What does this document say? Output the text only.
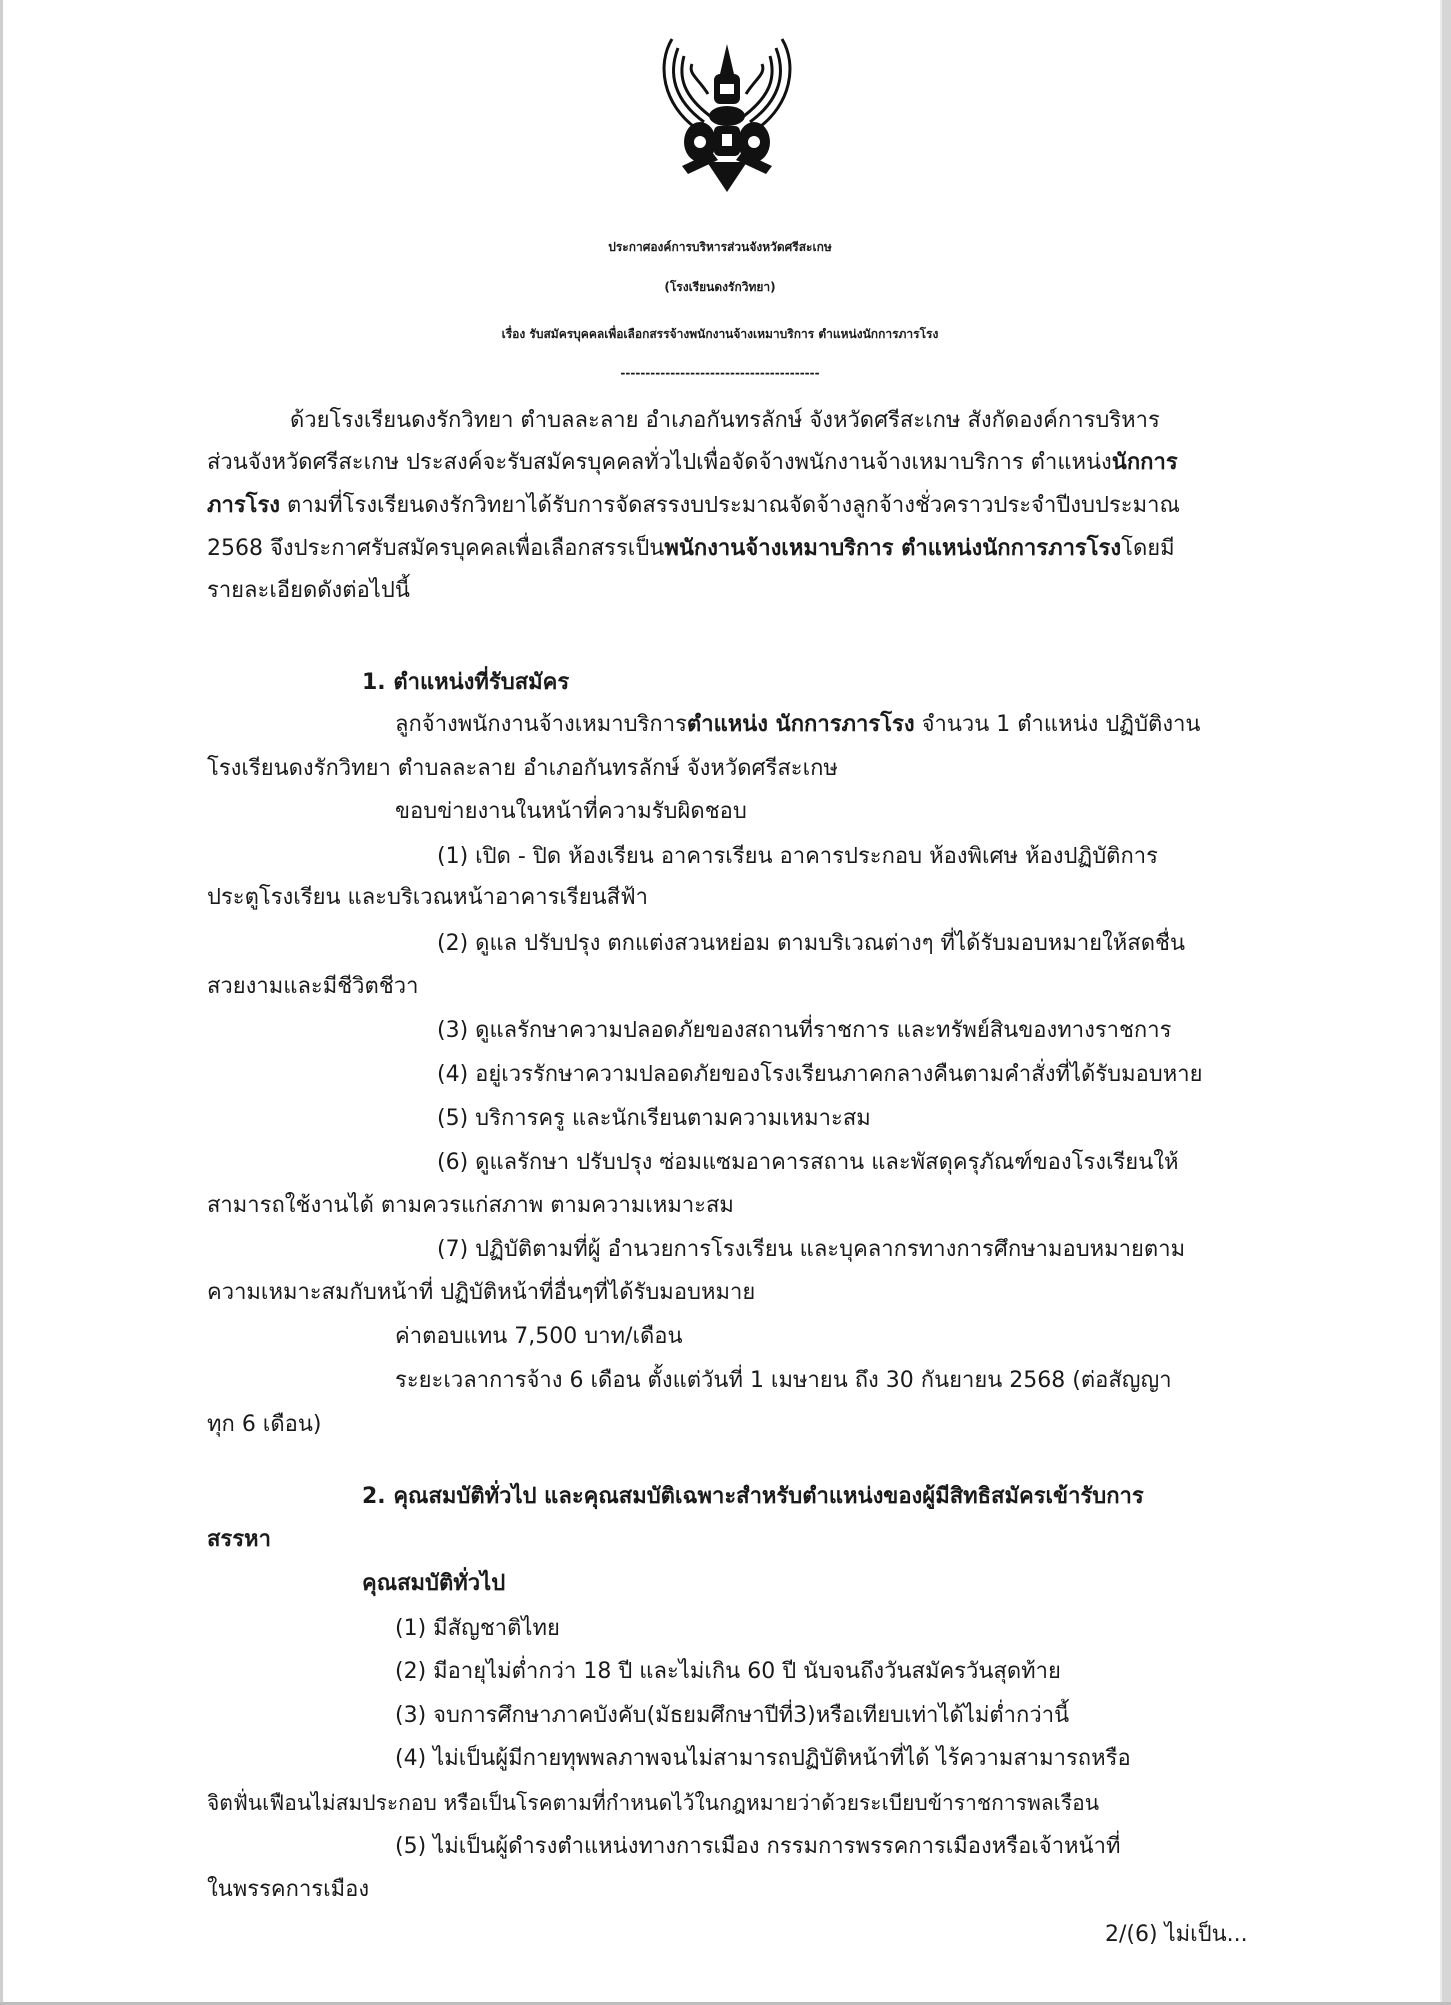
ประกาศองค์การบริหารส่วนจังหวัดศรีสะเกษ
(โรงเรียนดงรักวิทยา)
เรื่อง รับสมัครบุคคลเพื่อเลือกสรรจ้างพนักงานจ้างเหมาบริการ ตำแหน่งนักการภารโรง
----------------------------------------
ด้วยโรงเรียนดงรักวิทยา ตำบลละลาย อำเภอกันทรลักษ์ จังหวัดศรีสะเกษ สังกัดองค์การบริหาร
ส่วนจังหวัดศรีสะเกษ ประสงค์จะรับสมัครบุคคลทั่วไปเพื่อจัดจ้างพนักงานจ้างเหมาบริการ ตำแหน่งนักการ
ภารโรง ตามที่โรงเรียนดงรักวิทยาได้รับการจัดสรรงบประมาณจัดจ้างลูกจ้างชั่วคราวประจำปีงบประมาณ
2568 จึงประกาศรับสมัครบุคคลเพื่อเลือกสรรเป็นพนักงานจ้างเหมาบริการ ตำแหน่งนักการภารโรงโดยมี
รายละเอียดดังต่อไปนี้
1. ตำแหน่งที่รับสมัคร
ลูกจ้างพนักงานจ้างเหมาบริการตำแหน่ง นักการภารโรง จำนวน 1 ตำแหน่ง ปฏิบัติงาน
โรงเรียนดงรักวิทยา ตำบลละลาย อำเภอกันทรลักษ์ จังหวัดศรีสะเกษ
ขอบข่ายงานในหน้าที่ความรับผิดชอบ
(1) เปิด - ปิด ห้องเรียน อาคารเรียน อาคารประกอบ ห้องพิเศษ ห้องปฏิบัติการ
ประตูโรงเรียน และบริเวณหน้าอาคารเรียนสีฟ้า
(2) ดูแล ปรับปรุง ตกแต่งสวนหย่อม ตามบริเวณต่างๆ ที่ได้รับมอบหมายให้สดชื่น
สวยงามและมีชีวิตชีวา
(3) ดูแลรักษาความปลอดภัยของสถานที่ราชการ และทรัพย์สินของทางราชการ
(4) อยู่เวรรักษาความปลอดภัยของโรงเรียนภาคกลางคืนตามคำสั่งที่ได้รับมอบหาย
(5) บริการครู และนักเรียนตามความเหมาะสม
(6) ดูแลรักษา ปรับปรุง ซ่อมแซมอาคารสถาน และพัสดุครุภัณฑ์ของโรงเรียนให้
สามารถใช้งานได้ ตามควรแก่สภาพ ตามความเหมาะสม
(7) ปฏิบัติตามที่ผู้ อำนวยการโรงเรียน และบุคลากรทางการศึกษามอบหมายตาม
ความเหมาะสมกับหน้าที่ ปฏิบัติหน้าที่อื่นๆที่ได้รับมอบหมาย
ค่าตอบแทน 7,500 บาท/เดือน
ระยะเวลาการจ้าง 6 เดือน ตั้งแต่วันที่ 1 เมษายน ถึง 30 กันยายน 2568 (ต่อสัญญา
ทุก 6 เดือน)
2. คุณสมบัติทั่วไป และคุณสมบัติเฉพาะสำหรับตำแหน่งของผู้มีสิทธิสมัครเข้ารับการ
สรรหา
คุณสมบัติทั่วไป
(1) มีสัญชาติไทย
(2) มีอายุไม่ต่ำกว่า 18 ปี และไม่เกิน 60 ปี นับจนถึงวันสมัครวันสุดท้าย
(3) จบการศึกษาภาคบังคับ(มัธยมศึกษาปีที่3)หรือเทียบเท่าได้ไม่ต่ำกว่านี้
(4) ไม่เป็นผู้มีกายทุพพลภาพจนไม่สามารถปฏิบัติหน้าที่ได้ ไร้ความสามารถหรือ
จิตฟั่นเฟือนไม่สมประกอบ หรือเป็นโรคตามที่กำหนดไว้ในกฎหมายว่าด้วยระเบียบข้าราชการพลเรือน
(5) ไม่เป็นผู้ดำรงตำแหน่งทางการเมือง กรรมการพรรคการเมืองหรือเจ้าหน้าที่
ในพรรคการเมือง
2/(6) ไม่เป็น...
